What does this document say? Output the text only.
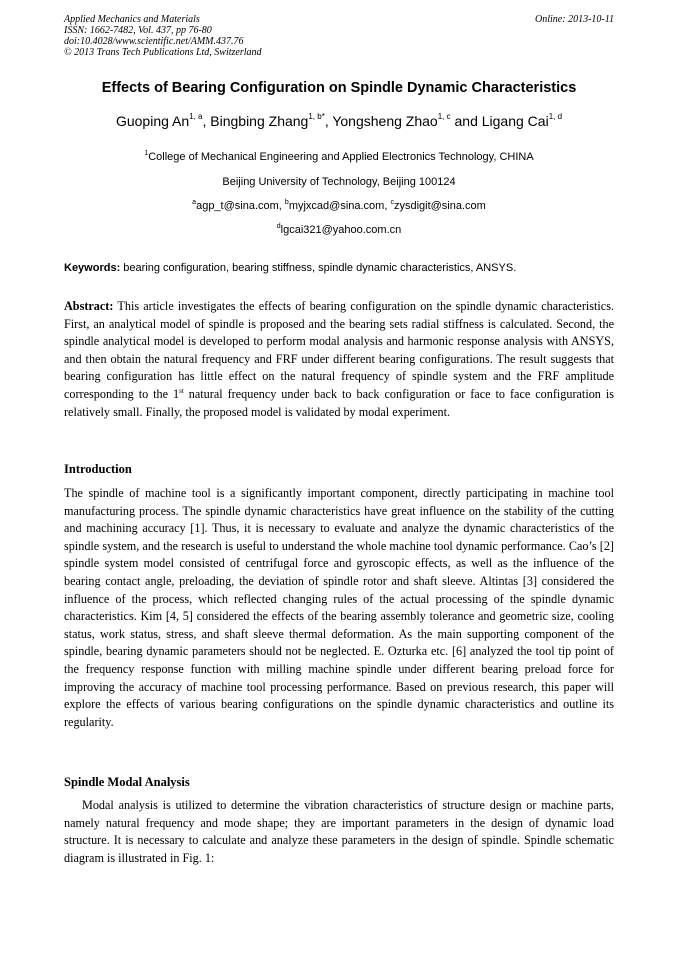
Applied Mechanics and Materials
ISSN: 1662-7482, Vol. 437, pp 76-80
doi:10.4028/www.scientific.net/AMM.437.76
© 2013 Trans Tech Publications Ltd, Switzerland
Online: 2013-10-11
Effects of Bearing Configuration on Spindle Dynamic Characteristics
Guoping An$^{1, a}$, Bingbing Zhang$^{1, b*}$, Yongsheng Zhao$^{1, c}$ and Ligang Cai$^{1, d}$
$^1$College of Mechanical Engineering and Applied Electronics Technology, CHINA
Beijing University of Technology, Beijing 100124
$^a$agp_t@sina.com, $^b$myjxcad@sina.com, $^c$zysdigit@sina.com
$^d$lgcai321@yahoo.com.cn
Keywords: bearing configuration, bearing stiffness, spindle dynamic characteristics, ANSYS.
Abstract: This article investigates the effects of bearing configuration on the spindle dynamic characteristics. First, an analytical model of spindle is proposed and the bearing sets radial stiffness is calculated. Second, the spindle analytical model is developed to perform modal analysis and harmonic response analysis with ANSYS, and then obtain the natural frequency and FRF under different bearing configurations. The result suggests that bearing configuration has little effect on the natural frequency of spindle system and the FRF amplitude corresponding to the 1st natural frequency under back to back configuration or face to face configuration is relatively small. Finally, the proposed model is validated by modal experiment.
Introduction
The spindle of machine tool is a significantly important component, directly participating in machine tool manufacturing process. The spindle dynamic characteristics have great influence on the stability of the cutting and machining accuracy [1]. Thus, it is necessary to evaluate and analyze the dynamic characteristics of the spindle system, and the research is useful to understand the whole machine tool dynamic performance. Cao’s [2] spindle system model consisted of centrifugal force and gyroscopic effects, as well as the influence of the bearing contact angle, preloading, the deviation of spindle rotor and shaft sleeve. Altintas [3] considered the influence of the process, which reflected changing rules of the actual processing of the spindle dynamic characteristics. Kim [4, 5] considered the effects of the bearing assembly tolerance and geometric size, cooling status, work status, stress, and shaft sleeve thermal deformation. As the main supporting component of the spindle, bearing dynamic parameters should not be neglected. E. Ozturka etc. [6] analyzed the tool tip point of the frequency response function with milling machine spindle under different bearing preload force for improving the accuracy of machine tool processing performance. Based on previous research, this paper will explore the effects of various bearing configurations on the spindle dynamic characteristics and outline its regularity.
Spindle Modal Analysis
Modal analysis is utilized to determine the vibration characteristics of structure design or machine parts, namely natural frequency and mode shape; they are important parameters in the design of dynamic load structure. It is necessary to calculate and analyze these parameters in the design of spindle. Spindle schematic diagram is illustrated in Fig. 1:
